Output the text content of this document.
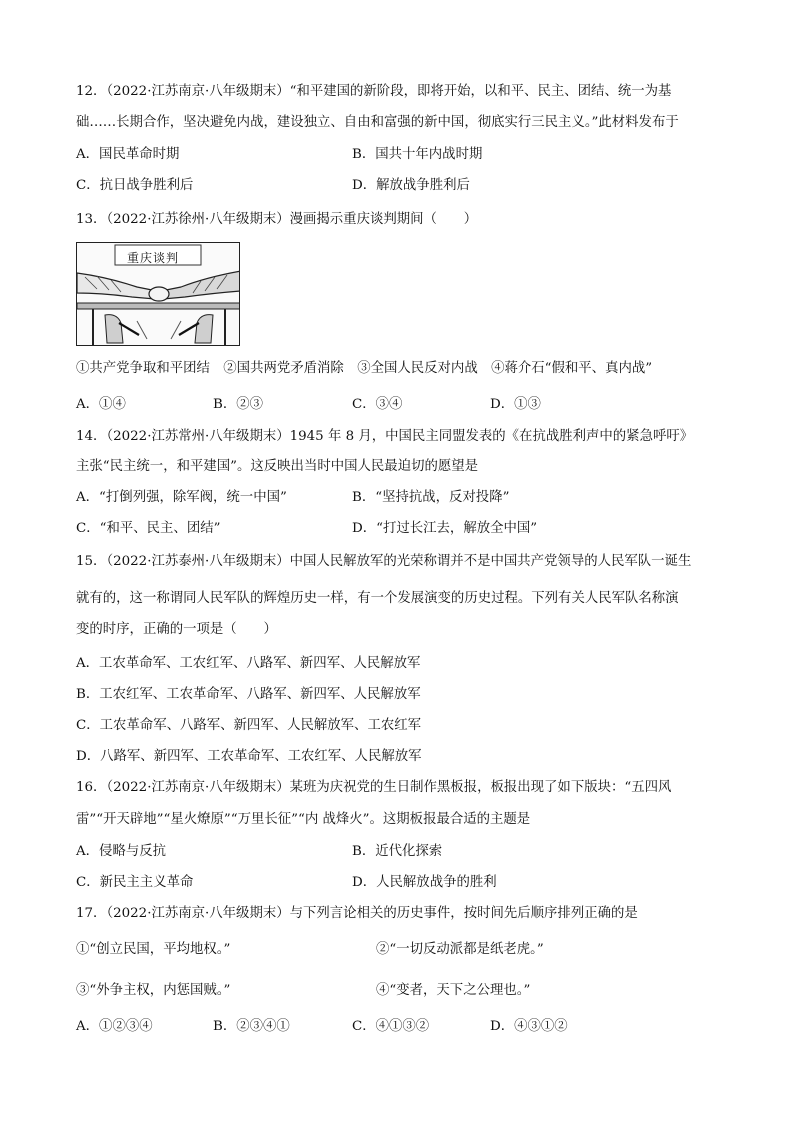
12．（2022·江苏南京·八年级期末）“和平建国的新阶段，即将开始，以和平、民主、团结、统一为基
础……长期合作，坚决避免内战，建设独立、自由和富强的新中国，彻底实行三民主义。”此材料发布于
A．国民革命时期	B．国共十年内战时期
C．抗日战争胜利后	D．解放战争胜利后
13．（2022·江苏徐州·八年级期末）漫画揭示重庆谈判期间（　　）
重庆谈判
①共产党争取和平团结　②国共两党矛盾消除　③全国人民反对内战　④蒋介石“假和平、真内战”
A．①④	B．②③	C．③④	D．①③
14．（2022·江苏常州·八年级期末）1945 年 8 月，中国民主同盟发表的《在抗战胜利声中的紧急呼吁》
主张“民主统一，和平建国”。这反映出当时中国人民最迫切的愿望是
A．“打倒列强，除军阀，统一中国”	B．“坚持抗战，反对投降”
C．“和平、民主、团结”	D．“打过长江去，解放全中国”
15．（2022·江苏泰州·八年级期末）中国人民解放军的光荣称谓并不是中国共产党领导的人民军队一诞生
就有的，这一称谓同人民军队的辉煌历史一样，有一个发展演变的历史过程。下列有关人民军队名称演
变的时序，正确的一项是（　　）
A．工农革命军、工农红军、八路军、新四军、人民解放军
B．工农红军、工农革命军、八路军、新四军、人民解放军
C．工农革命军、八路军、新四军、人民解放军、工农红军
D．八路军、新四军、工农革命军、工农红军、人民解放军
16．（2022·江苏南京·八年级期末）某班为庆祝党的生日制作黑板报，板报出现了如下版块：“五四风
雷”“开天辟地”“星火燎原”“万里长征”“内 战烽火”。这期板报最合适的主题是
A．侵略与反抗	B．近代化探索
C．新民主主义革命	D．人民解放战争的胜利
17．（2022·江苏南京·八年级期末）与下列言论相关的历史事件，按时间先后顺序排列正确的是
①“创立民国，平均地权。”	②“一切反动派都是纸老虎。”
③“外争主权，内惩国贼。”	④“变者，天下之公理也。”
A．①②③④	B．②③④①	C．④①③②	D．④③①②
